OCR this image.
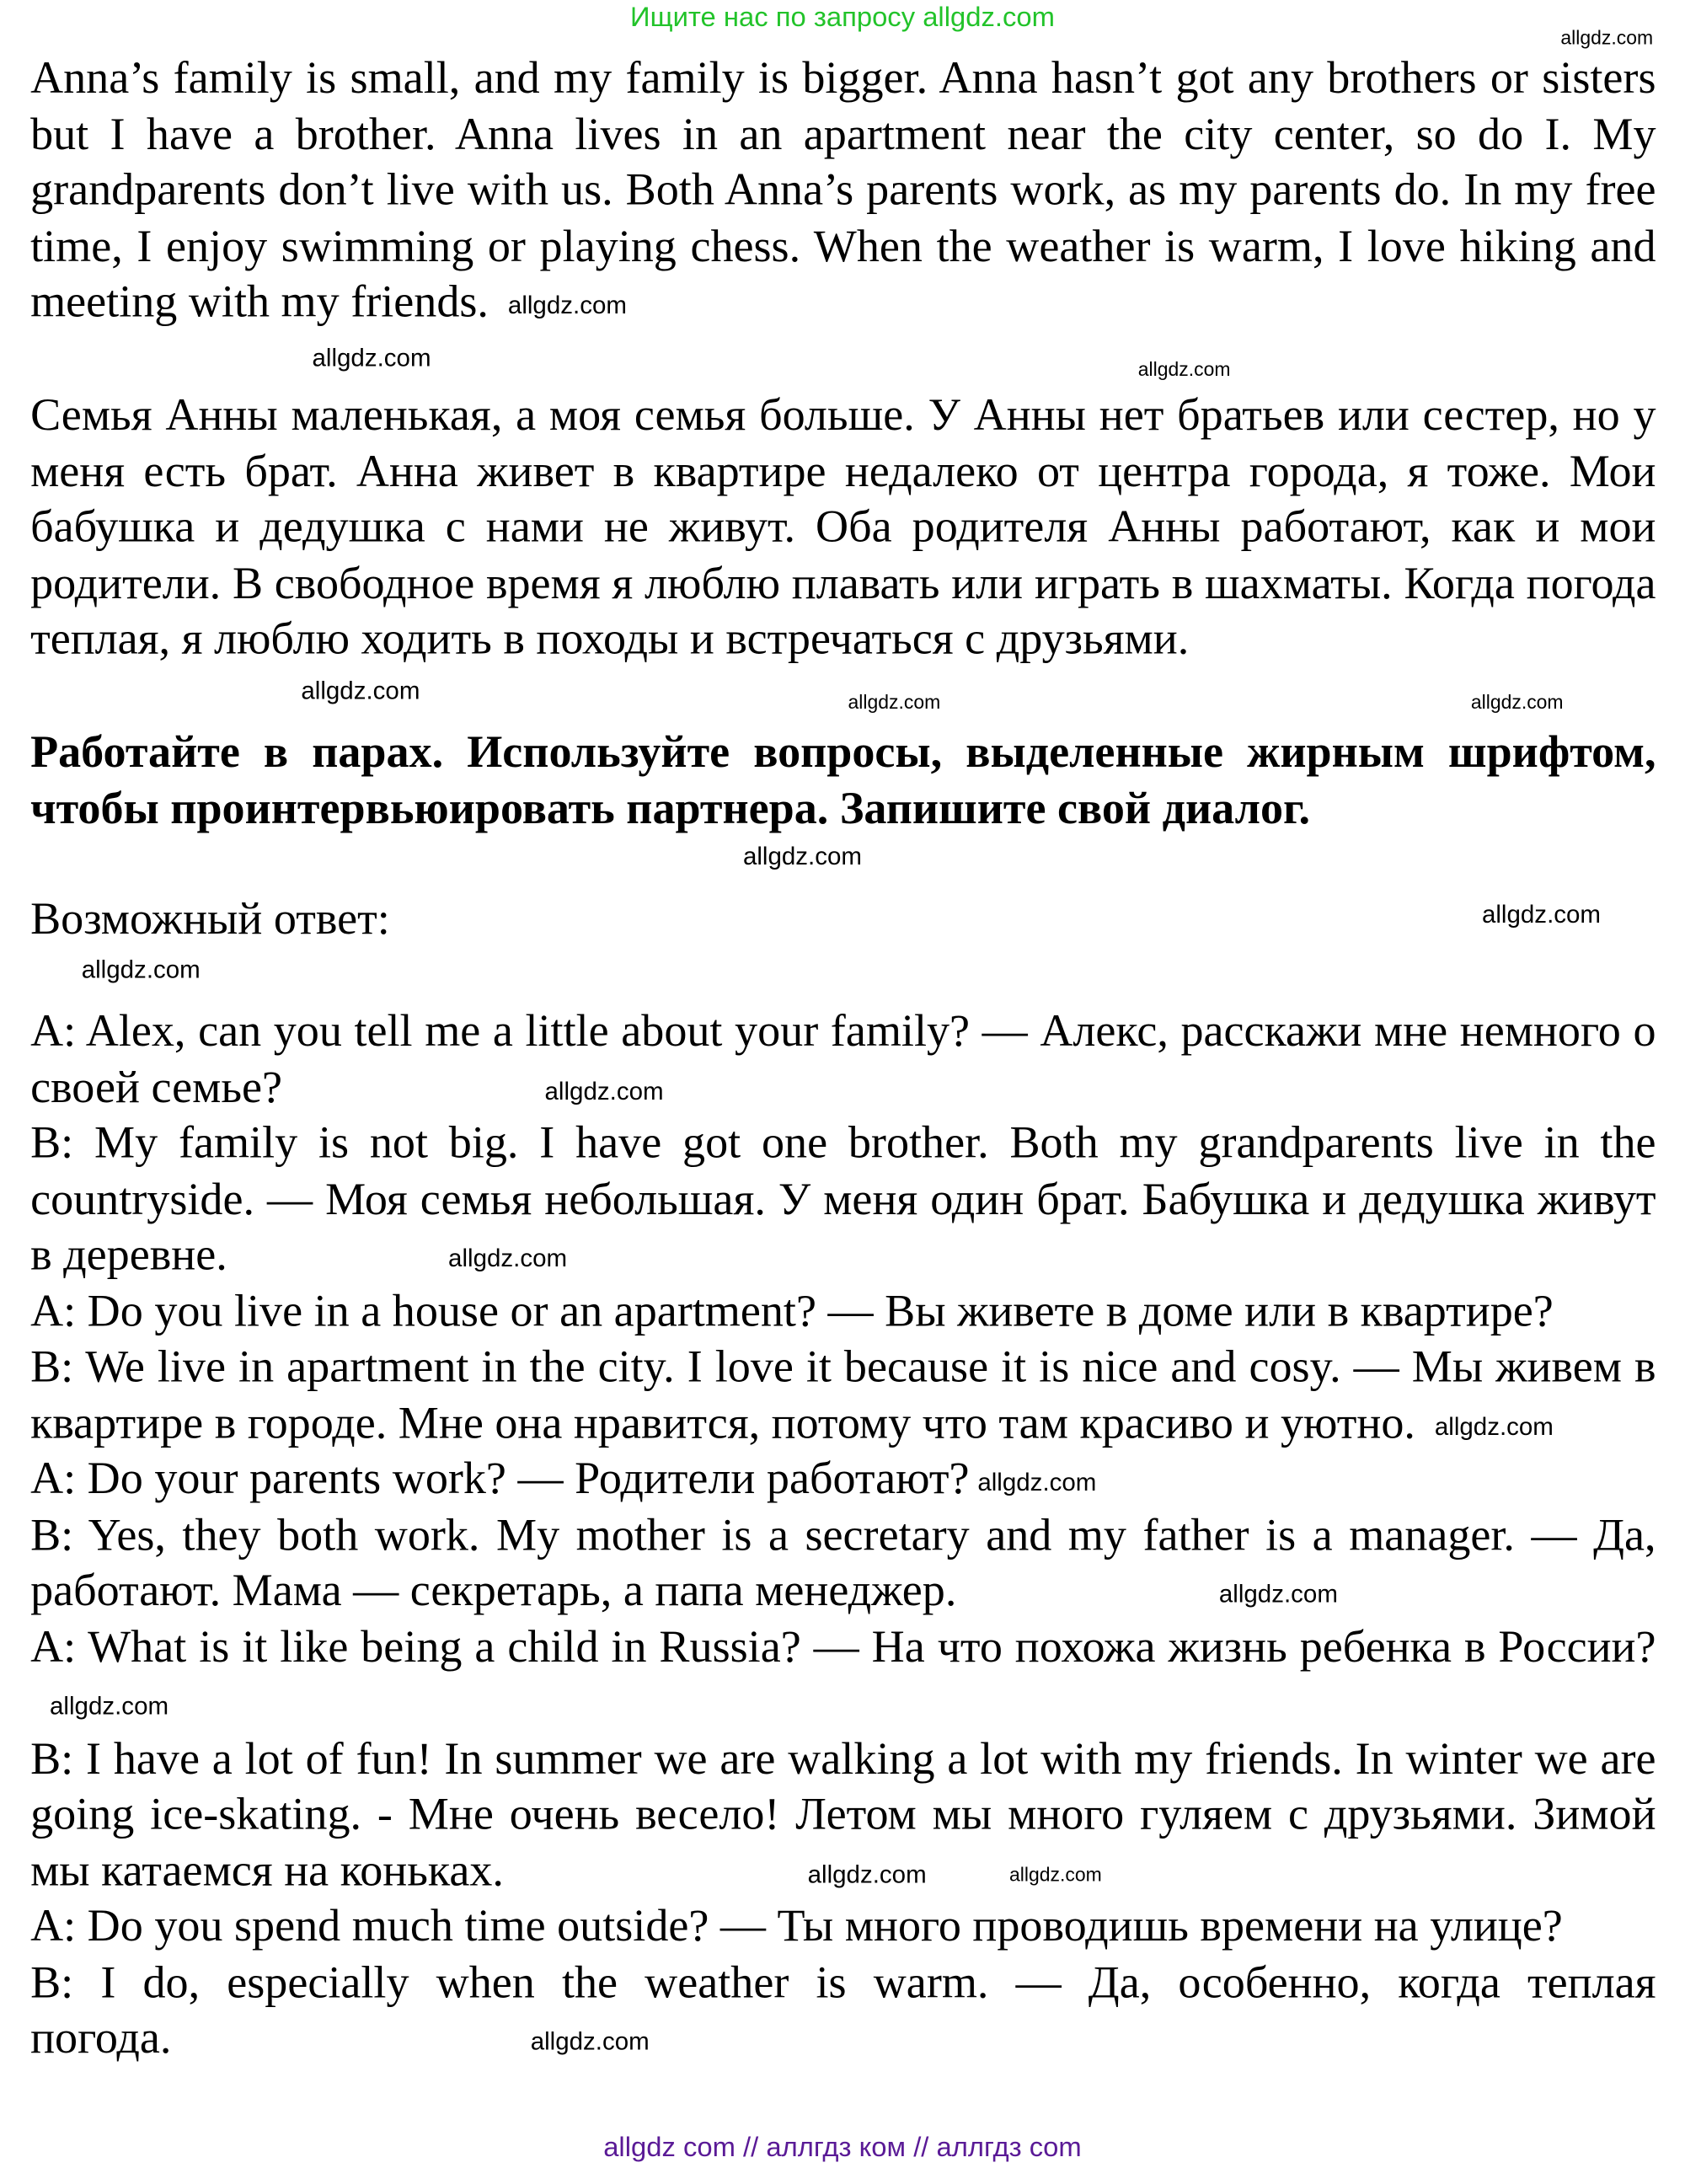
Ищите нас по запросу allgdz.com
allgdz.com
Anna’s family is small, and my family is bigger. Anna hasn’t got any brothers or sisters but I have a brother. Anna lives in an apartment near the city center, so do I. My grandparents don’t live with us. Both Anna’s parents work, as my parents do. In my free time, I enjoy swimming or playing chess. When the weather is warm, I love hiking and meeting with my friends. allgdz.com
allgdz.com	allgdz.com
Семья Анны маленькая, а моя семья больше. У Анны нет братьев или сестер, но у меня есть брат. Анна живет в квартире недалеко от центра города, я тоже. Мои бабушка и дедушка с нами не живут. Оба родителя Анны работают, как и мои родители. В свободное время я люблю плавать или играть в шахматы. Когда погода теплая, я люблю ходить в походы и встречаться с друзьями.
allgdz.com	allgdz.com	allgdz.com
Работайте в парах. Используйте вопросы, выделенные жирным шрифтом, чтобы проинтервьюировать партнера. Запишите свой диалог.
allgdz.com
Возможный ответ:	allgdz.com
allgdz.com
A: Alex, can you tell me a little about your family? — Алекс, расскажи мне немного о своей семье?	allgdz.com
B: My family is not big. I have got one brother. Both my grandparents live in the countryside. — Моя семья небольшая. У меня один брат. Бабушка и дедушка живут в деревне.	allgdz.com
A: Do you live in a house or an apartment? — Вы живете в доме или в квартире?
B: We live in apartment in the city. I love it because it is nice and cosy. — Мы живем в квартире в городе. Мне она нравится, потому что там красиво и уютно. allgdz.com
A: Do your parents work? — Родители работают? allgdz.com
B: Yes, they both work. My mother is a secretary and my father is a manager. — Да, работают. Мама — секретарь, а папа менеджер.	allgdz.com
A: What is it like being a child in Russia? — На что похожа жизнь ребенка в России?allgdz.com
B: I have a lot of fun! In summer we are walking a lot with my friends. In winter we are going ice-skating. - Мне очень весело! Летом мы много гуляем с друзьями. Зимой мы катаемся на коньках.	allgdz.com	allgdz.com
A: Do you spend much time outside? — Ты много проводишь времени на улице?
B: I do, especially when the weather is warm. — Да, особенно, когда теплая погода.	allgdz.com
allgdz com // аллгдз ком // аллгдз com
